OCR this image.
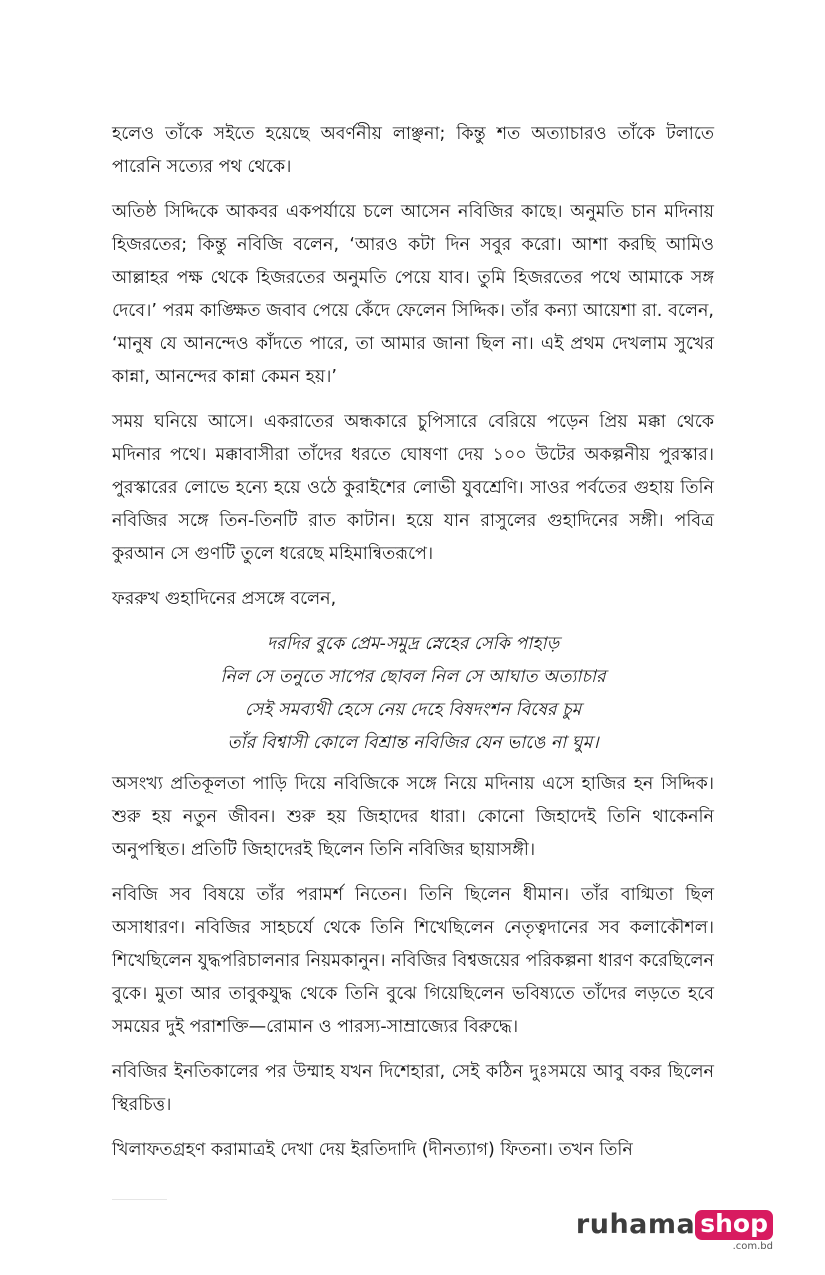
হলেও তাঁকে সইতে হয়েছে অবর্ণনীয় লাঞ্ছনা; কিন্তু শত অত্যাচারও তাঁকে টলাতে পারেনি সত্যের পথ থেকে।

অতিষ্ঠ সিদ্দিকে আকবর একপর্যায়ে চলে আসেন নবিজির কাছে। অনুমতি চান মদিনায় হিজরতের; কিন্তু নবিজি বলেন, ‘আরও কটা দিন সবুর করো। আশা করছি আমিও আল্লাহর পক্ষ থেকে হিজরতের অনুমতি পেয়ে যাব। তুমি হিজরতের পথে আমাকে সঙ্গ দেবে।’ পরম কাঙ্ক্ষিত জবাব পেয়ে কেঁদে ফেলেন সিদ্দিক। তাঁর কন্যা আয়েশা রা. বলেন, ‘মানুষ যে আনন্দেও কাঁদতে পারে, তা আমার জানা ছিল না। এই প্রথম দেখলাম সুখের কান্না, আনন্দের কান্না কেমন হয়।’

সময় ঘনিয়ে আসে। একরাতের অন্ধকারে চুপিসারে বেরিয়ে পড়েন প্রিয় মক্কা থেকে মদিনার পথে। মক্কাবাসীরা তাঁদের ধরতে ঘোষণা দেয় ১০০ উটের অকল্পনীয় পুরস্কার। পুরস্কারের লোভে হন্যে হয়ে ওঠে কুরাইশের লোভী যুবশ্রেণি। সাওর পর্বতের গুহায় তিনি নবিজির সঙ্গে তিন-তিনটি রাত কাটান। হয়ে যান রাসুলের গুহাদিনের সঙ্গী। পবিত্র কুরআন সে গুণটি তুলে ধরেছে মহিমান্বিতরূপে।

ফররুখ গুহাদিনের প্রসঙ্গে বলেন,

দরদির বুকে প্রেম-সমুদ্র স্নেহের সেকি পাহাড়
নিল সে তনুতে সাপের ছোবল নিল সে আঘাত অত্যাচার
সেই সমব্যথী হেসে নেয় দেহে বিষদংশন বিষের চুম
তাঁর বিশ্বাসী কোলে বিশ্রান্ত নবিজির যেন ভাঙে না ঘুম।

অসংখ্য প্রতিকূলতা পাড়ি দিয়ে নবিজিকে সঙ্গে নিয়ে মদিনায় এসে হাজির হন সিদ্দিক। শুরু হয় নতুন জীবন। শুরু হয় জিহাদের ধারা। কোনো জিহাদেই তিনি থাকেননি অনুপস্থিত। প্রতিটি জিহাদেরই ছিলেন তিনি নবিজির ছায়াসঙ্গী।

নবিজি সব বিষয়ে তাঁর পরামর্শ নিতেন। তিনি ছিলেন ধীমান। তাঁর বাগ্মিতা ছিল অসাধারণ। নবিজির সাহচর্যে থেকে তিনি শিখেছিলেন নেতৃত্বদানের সব কলাকৌশল। শিখেছিলেন যুদ্ধপরিচালনার নিয়মকানুন। নবিজির বিশ্বজয়ের পরিকল্পনা ধারণ করেছিলেন বুকে। মুতা আর তাবুকযুদ্ধ থেকে তিনি বুঝে গিয়েছিলেন ভবিষ্যতে তাঁদের লড়তে হবে সময়ের দুই পরাশক্তি—রোমান ও পারস্য-সাম্রাজ্যের বিরুদ্ধে।

নবিজির ইনতিকালের পর উম্মাহ যখন দিশেহারা, সেই কঠিন দুঃসময়ে আবু বকর ছিলেন স্থিরচিত্ত।

খিলাফতগ্রহণ করামাত্রই দেখা দেয় ইরতিদাদি (দীনত্যাগ) ফিতনা। তখন তিনি

ruhama shop
.com.bd
